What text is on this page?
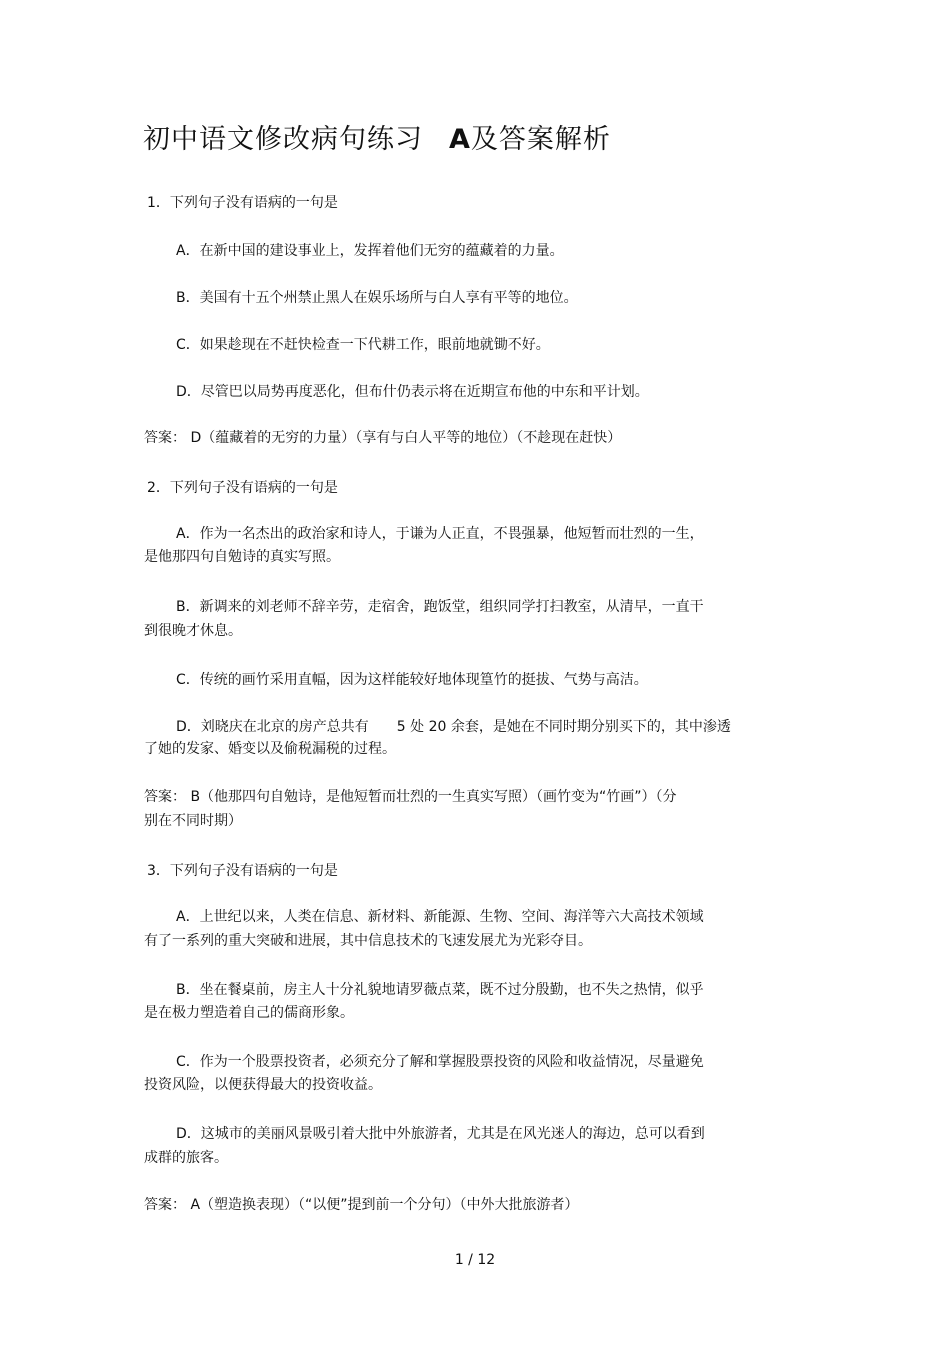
初中语文修改病句练习 A及答案解析
1．下列句子没有语病的一句是
A．在新中国的建设事业上，发挥着他们无穷的蕴藏着的力量。
B．美国有十五个州禁止黑人在娱乐场所与白人享有平等的地位。
C．如果趁现在不赶快检查一下代耕工作，眼前地就锄不好。
D．尽管巴以局势再度恶化，但布什仍表示将在近期宣布他的中东和平计划。
答案： D（蕴藏着的无穷的力量）（享有与白人平等的地位）（不趁现在赶快）
2．下列句子没有语病的一句是
A．作为一名杰出的政治家和诗人，于谦为人正直，不畏强暴，他短暂而壮烈的一生，
是他那四句自勉诗的真实写照。
B．新调来的刘老师不辞辛劳，走宿舍，跑饭堂，组织同学打扫教室，从清早，一直干
到很晚才休息。
C．传统的画竹采用直幅，因为这样能较好地体现篁竹的挺拔、气势与高洁。
D．刘晓庆在北京的房产总共有　　5 处 20 余套，是她在不同时期分别买下的，其中渗透
了她的发家、婚变以及偷税漏税的过程。
答案： B（他那四句自勉诗，是他短暂而壮烈的一生真实写照）（画竹变为“竹画”）（分
别在不同时期）
3．下列句子没有语病的一句是
A．上世纪以来，人类在信息、新材料、新能源、生物、空间、海洋等六大高技术领域
有了一系列的重大突破和进展，其中信息技术的飞速发展尤为光彩夺目。
B．坐在餐桌前，房主人十分礼貌地请罗薇点菜，既不过分殷勤，也不失之热情，似乎
是在极力塑造着自己的儒商形象。
C．作为一个股票投资者，必须充分了解和掌握股票投资的风险和收益情况，尽量避免
投资风险，以便获得最大的投资收益。
D．这城市的美丽风景吸引着大批中外旅游者，尤其是在风光迷人的海边，总可以看到
成群的旅客。
答案： A（塑造换表现）（“以便”提到前一个分句）（中外大批旅游者）
1 / 12
